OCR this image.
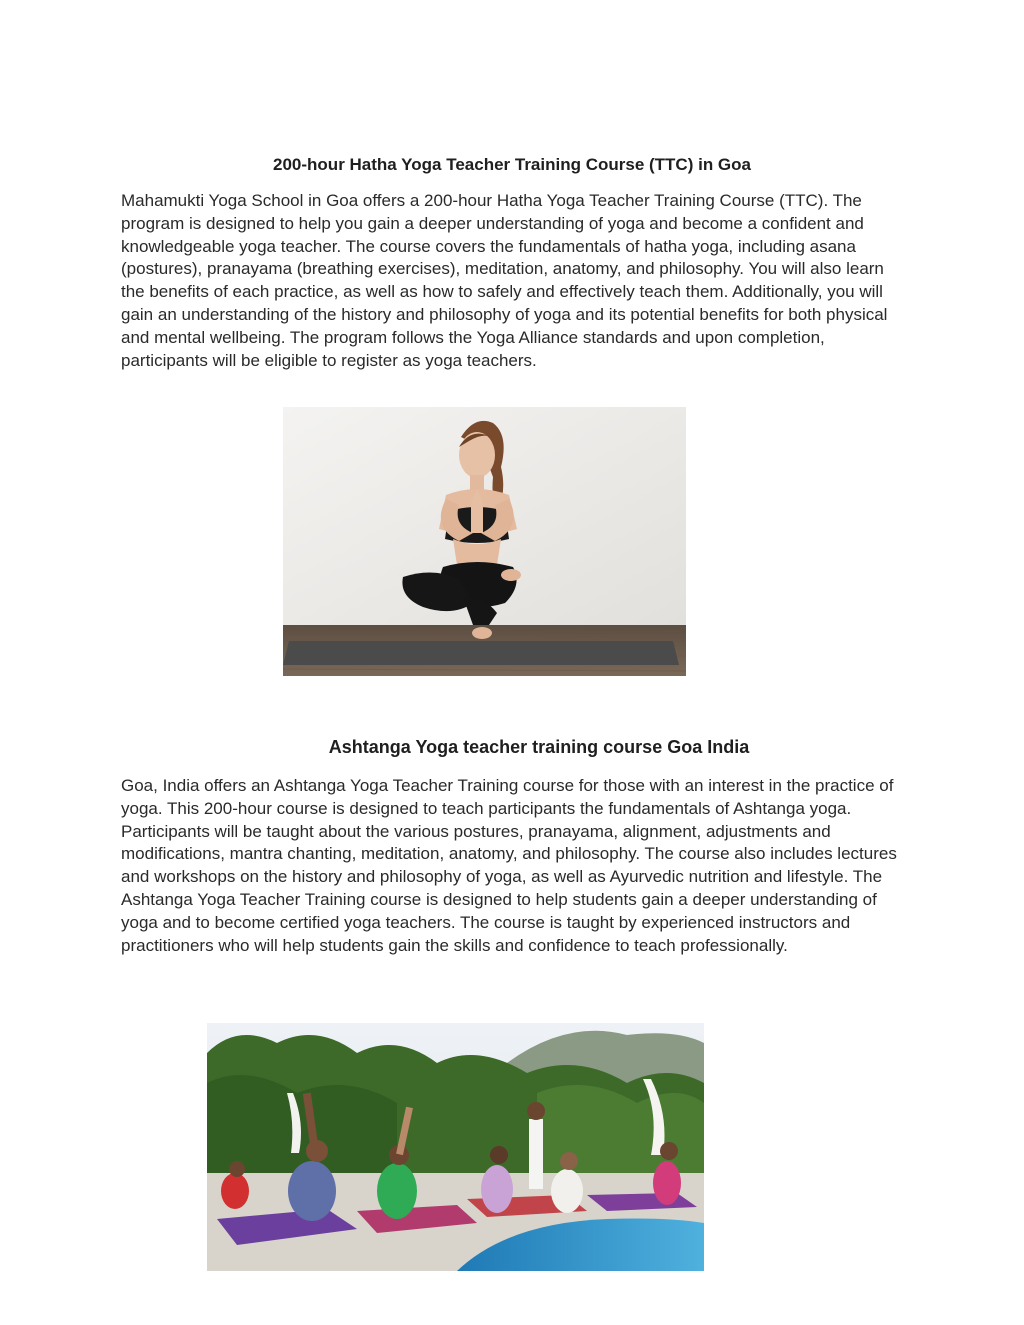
200-hour Hatha Yoga Teacher Training Course (TTC) in Goa

Mahamukti Yoga School in Goa offers a 200-hour Hatha Yoga Teacher Training Course (TTC). The program is designed to help you gain a deeper understanding of yoga and become a confident and knowledgeable yoga teacher. The course covers the fundamentals of hatha yoga, including asana (postures), pranayama (breathing exercises), meditation, anatomy, and philosophy. You will also learn the benefits of each practice, as well as how to safely and effectively teach them. Additionally, you will gain an understanding of the history and philosophy of yoga and its potential benefits for both physical and mental wellbeing. The program follows the Yoga Alliance standards and upon completion, participants will be eligible to register as yoga teachers.

Ashtanga Yoga teacher training course Goa India

Goa, India offers an Ashtanga Yoga Teacher Training course for those with an interest in the practice of yoga. This 200-hour course is designed to teach participants the fundamentals of Ashtanga yoga. Participants will be taught about the various postures, pranayama, alignment, adjustments and modifications, mantra chanting, meditation, anatomy, and philosophy. The course also includes lectures and workshops on the history and philosophy of yoga, as well as Ayurvedic nutrition and lifestyle. The Ashtanga Yoga Teacher Training course is designed to help students gain a deeper understanding of yoga and to become certified yoga teachers. The course is taught by experienced instructors and practitioners who will help students gain the skills and confidence to teach professionally.
